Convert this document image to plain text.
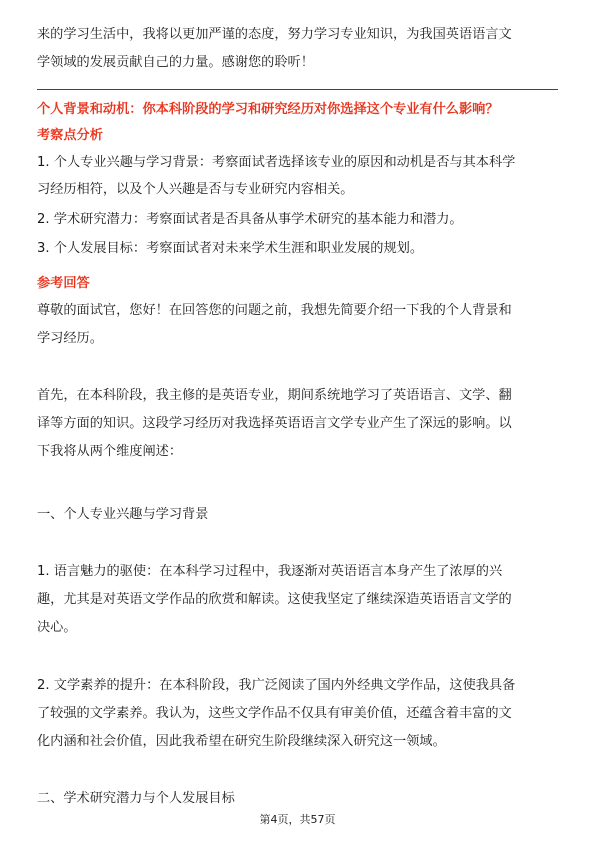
来的学习生活中，我将以更加严谨的态度，努力学习专业知识，为我国英语语言文
学领域的发展贡献自己的力量。感谢您的聆听！
个人背景和动机：你本科阶段的学习和研究经历对你选择这个专业有什么影响？
考察点分析
1. 个人专业兴趣与学习背景：考察面试者选择该专业的原因和动机是否与其本科学
习经历相符，以及个人兴趣是否与专业研究内容相关。
2. 学术研究潜力：考察面试者是否具备从事学术研究的基本能力和潜力。
3. 个人发展目标：考察面试者对未来学术生涯和职业发展的规划。
参考回答
尊敬的面试官，您好！在回答您的问题之前，我想先简要介绍一下我的个人背景和
学习经历。
首先，在本科阶段，我主修的是英语专业，期间系统地学习了英语语言、文学、翻
译等方面的知识。这段学习经历对我选择英语语言文学专业产生了深远的影响。以
下我将从两个维度阐述：
一、个人专业兴趣与学习背景
1. 语言魅力的驱使：在本科学习过程中，我逐渐对英语语言本身产生了浓厚的兴
趣，尤其是对英语文学作品的欣赏和解读。这使我坚定了继续深造英语语言文学的
决心。
2. 文学素养的提升：在本科阶段，我广泛阅读了国内外经典文学作品，这使我具备
了较强的文学素养。我认为，这些文学作品不仅具有审美价值，还蕴含着丰富的文
化内涵和社会价值，因此我希望在研究生阶段继续深入研究这一领域。
二、学术研究潜力与个人发展目标
第4页，共57页
